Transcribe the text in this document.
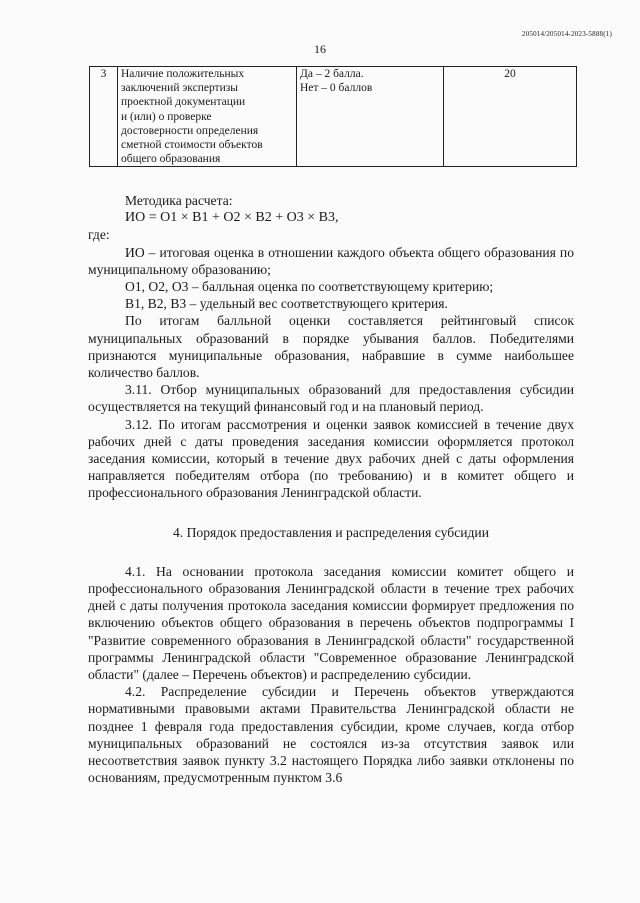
205014/205014-2023-5888(1)
16
3	Наличие положительных
заключений экспертизы
проектной документации
и (или) о проверке
достоверности определения
сметной стоимости объектов
общего образования	Да – 2 балла.
Нет – 0 баллов	20

Методика расчета:

ИО = О1 × В1 + О2 × В2 + О3 × В3,

где:

ИО – итоговая оценка в отношении каждого объекта общего образования по муниципальному образованию;

О1, О2, О3 – балльная оценка по соответствующему критерию;

В1, В2, В3 – удельный вес соответствующего критерия.

По итогам балльной оценки составляется рейтинговый список муниципальных образований в порядке убывания баллов. Победителями признаются муниципальные образования, набравшие в сумме наибольшее количество баллов.

3.11. Отбор муниципальных образований для предоставления субсидии осуществляется на текущий финансовый год и на плановый период.

3.12. По итогам рассмотрения и оценки заявок комиссией в течение двух рабочих дней с даты проведения заседания комиссии оформляется протокол заседания комиссии, который в течение двух рабочих дней с даты оформления направляется победителям отбора (по требованию) и в комитет общего и профессионального образования Ленинградской области.

4. Порядок предоставления и распределения субсидии

4.1. На основании протокола заседания комиссии комитет общего и профессионального образования Ленинградской области в течение трех рабочих дней с даты получения протокола заседания комиссии формирует предложения по включению объектов общего образования в перечень объектов подпрограммы I "Развитие современного образования в Ленинградской области" государственной программы Ленинградской области "Современное образование Ленинградской области" (далее – Перечень объектов) и распределению субсидии.

4.2. Распределение субсидии и Перечень объектов утверждаются нормативными правовыми актами Правительства Ленинградской области не позднее 1 февраля года предоставления субсидии, кроме случаев, когда отбор муниципальных образований не состоялся из-за отсутствия заявок или несоответствия заявок пункту 3.2 настоящего Порядка либо заявки отклонены по основаниям, предусмотренным пунктом 3.6
